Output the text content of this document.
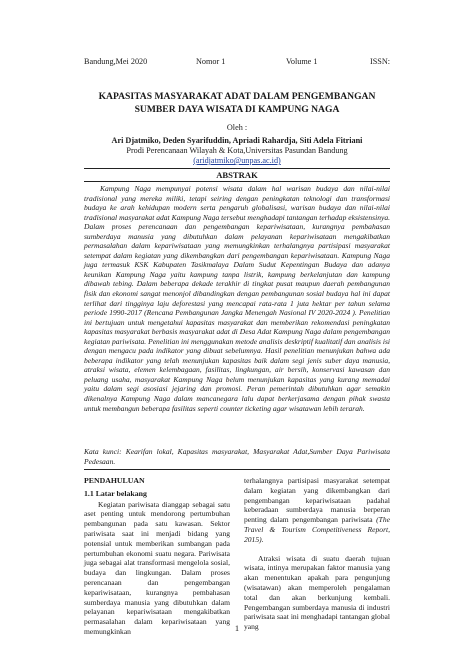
Bandung,Mei 2020	Nomor 1	Volume 1	ISSN:
KAPASITAS MASYARAKAT ADAT DALAM PENGEMBANGAN
SUMBER DAYA WISATA DI KAMPUNG NAGA
Oleh :
Ari Djatmiko, Deden Syarifuddin, Apriadi Rahardja, Siti Adela Fitriani
Prodi Perencanaan Wilayah & Kota,Universitas Pasundan Bandung
(aridjatmiko@unpas.ac.id)
ABSTRAK

Kampung Naga mempunyai potensi wisata dalam hal warisan budaya dan nilai-nilai tradisional yang mereka miliki, tetapi seiring dengan peningkatan teknologi dan transformasi budaya ke arah kehidupan modern serta pengaruh globalisasi, warisan budaya dan nilai-nilai tradisional masyarakat adat Kampung Naga tersebut menghadapi tantangan terhadap eksistensinya. Dalam proses perencanaan dan pengembangan kepariwisataan, kurangnya pembahasan sumberdaya manusia yang dibutuhkan dalam pelayanan kepariwisataan mengakibatkan permasalahan dalam kepariwisataan yang memungkinkan terhalangnya partisipasi masyarakat setempat dalam kegiatan yang dikembangkan dari pengembangan kepariwisataan. Kampung Naga juga termasuk KSK Kabupaten Tasikmalaya Dalam Sudut Kepentingan Budaya dan adanya keunikan Kampung Naga yaitu kampung tanpa listrik, kampung berkelanjutan dan kampung dibawah tebing. Dalam beberapa dekade terakhir di tingkat pusat maupun daerah pembangunan fisik dan ekonomi sangat menonjol dibandingkan dengan pembangunan sosial budaya hal ini dapat terlihat dari tingginya laju deforestasi yang mencapai rata-rata 1 juta hektar per tahun selama periode 1990-2017 (Rencana Pembangunan Jangka Menengah Nasional IV 2020-2024 ). Penelitian ini bertujuan untuk mengetahui kapasitas masyarakat dan memberikan rekomendasi peningkatan kapasitas masyarakat berbasis masyarakat adat di Desa Adat Kampung Naga dalam pengembangan kegiatan pariwisata. Penelitian ini menggunakan metode analisis deskriptif kualitatif dan analisis isi dengan mengacu pada indikator yang dibuat sebelumnya. Hasil penelitian menunjukan bahwa ada beberapa indikator yang telah menunjukan kapasitas baik dalam segi jenis suber daya manusia, atraksi wisata, elemen kelembagaan, fasilitas, lingkungan, air bersih, konservasi kawasan dan peluang usaha, masyarakat Kampung Naga belum menunjukan kapasitas yang kurang memadai yaitu dalam segi asosiasi jejaring dan promosi. Peran pemerintah dibutuhkan agar semakin dikenalnya Kampung Naga dalam mancanegara lalu dapat berkerjasama dengan pihak swasta untuk membangun beberapa fasilitas seperti counter ticketing agar wisatawan lebih terarah.

Kata kunci: Kearifan lokal, Kapasitas masyarakat, Masyarakat Adat,Sumber Daya Pariwisata Pedesaan.
PENDAHULUAN
1.1 Latar belakang

Kegiatan pariwisata dianggap sebagai satu aset penting untuk mendorong pertumbuhan pembangunan pada satu kawasan. Sektor pariwisata saat ini menjadi bidang yang potensial untuk memberikan sumbangan pada pertumbuhan ekonomi suatu negara. Pariwisata juga sebagai alat transformasi mengelola sosial, budaya dan lingkungan. Dalam proses perencanaan dan pengembangan kepariwisataan, kurangnya pembahasan sumberdaya manusia yang dibutuhkan dalam pelayanan kepariwisataan mengakibatkan permasalahan dalam kepariwisataan yang memungkinkan

terhalangnya partisipasi masyarakat setempat dalam kegiatan yang dikembangkan dari pengembangan kepariwisataan padahal keberadaan sumberdaya manusia berperan penting dalam pengembangan pariwisata (The Travel & Tourism Competitiveness Report, 2015).

Atraksi wisata di suatu daerah tujuan wisata, intinya merupakan faktor manusia yang akan menentukan apakah para pengunjung (wisatawan) akan memperoleh pengalaman total dan akan berkunjung kembali. Pengembangan sumberdaya manusia di industri pariwisata saat ini menghadapi tantangan global yang

1
